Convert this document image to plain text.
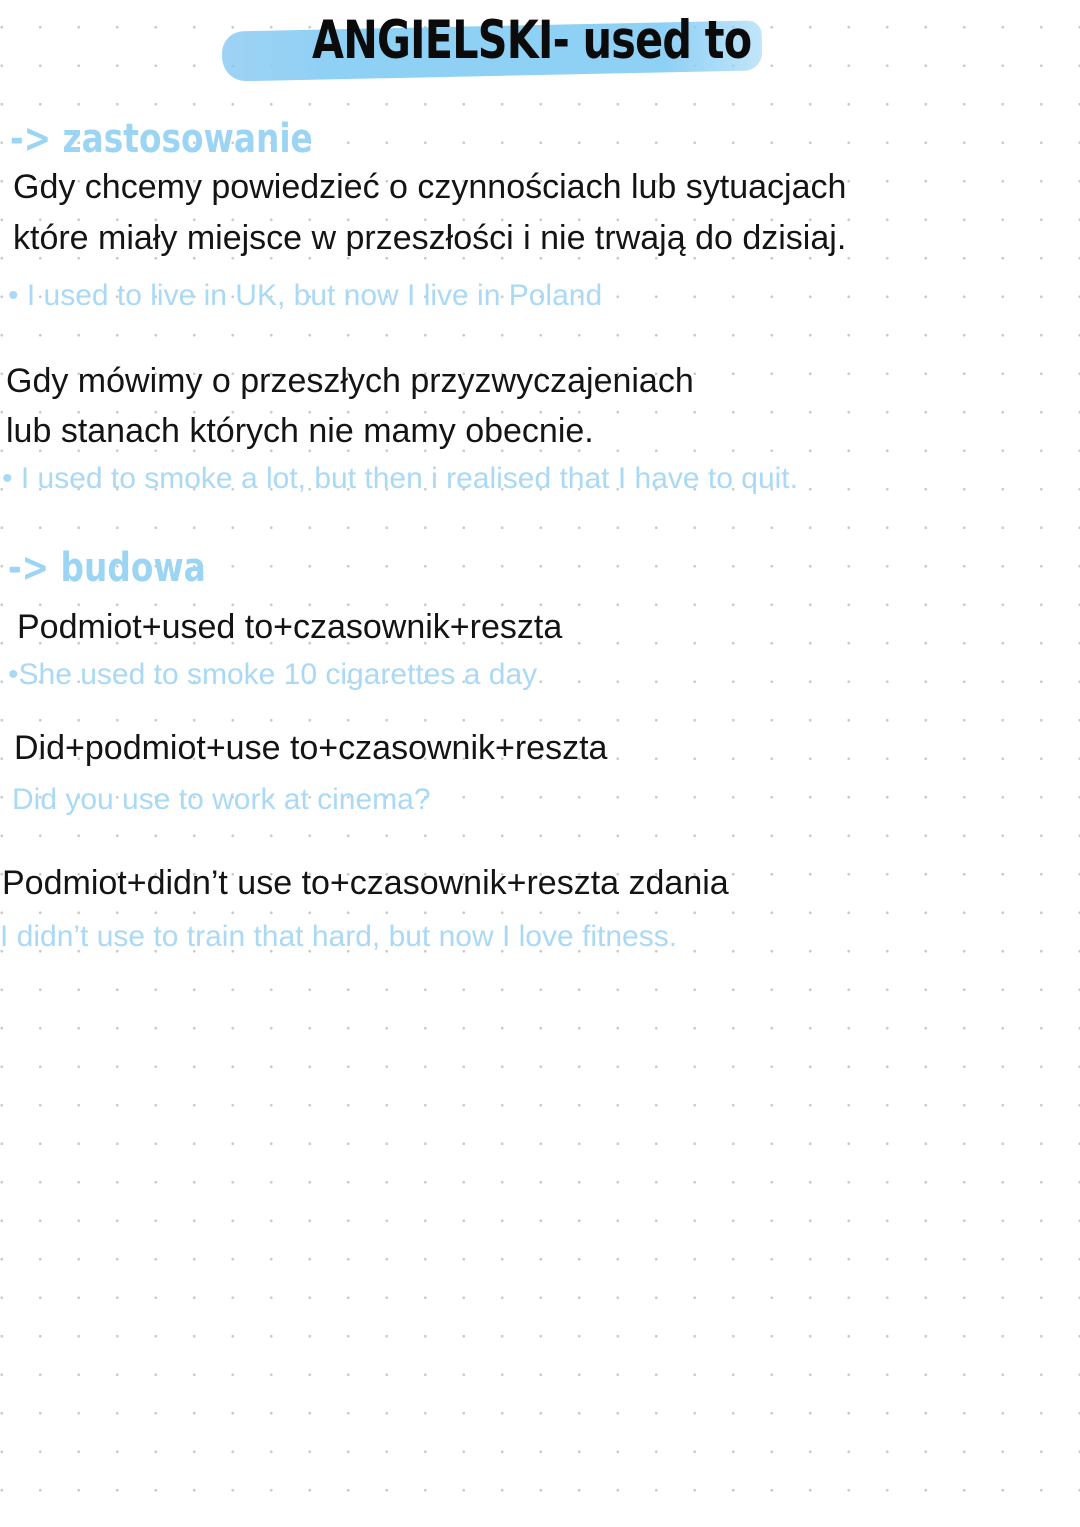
ANGIELSKI- used to
-> zastosowanie
Gdy chcemy powiedzieć o czynnościach lub sytuacjach
które miały miejsce w przeszłości i nie trwają do dzisiaj.
• I used to live in UK, but now I live in Poland
Gdy mówimy o przeszłych przyzwyczajeniach
lub stanach których nie mamy obecnie.
• I used to smoke a lot, but then i realised that I have to quit.
-> budowa
Podmiot+used to+czasownik+reszta
•She used to smoke 10 cigarettes a day
Did+podmiot+use to+czasownik+reszta
Did you use to work at cinema?
Podmiot+didn’t use to+czasownik+reszta zdania
I didn’t use to train that hard, but now I love fitness.
